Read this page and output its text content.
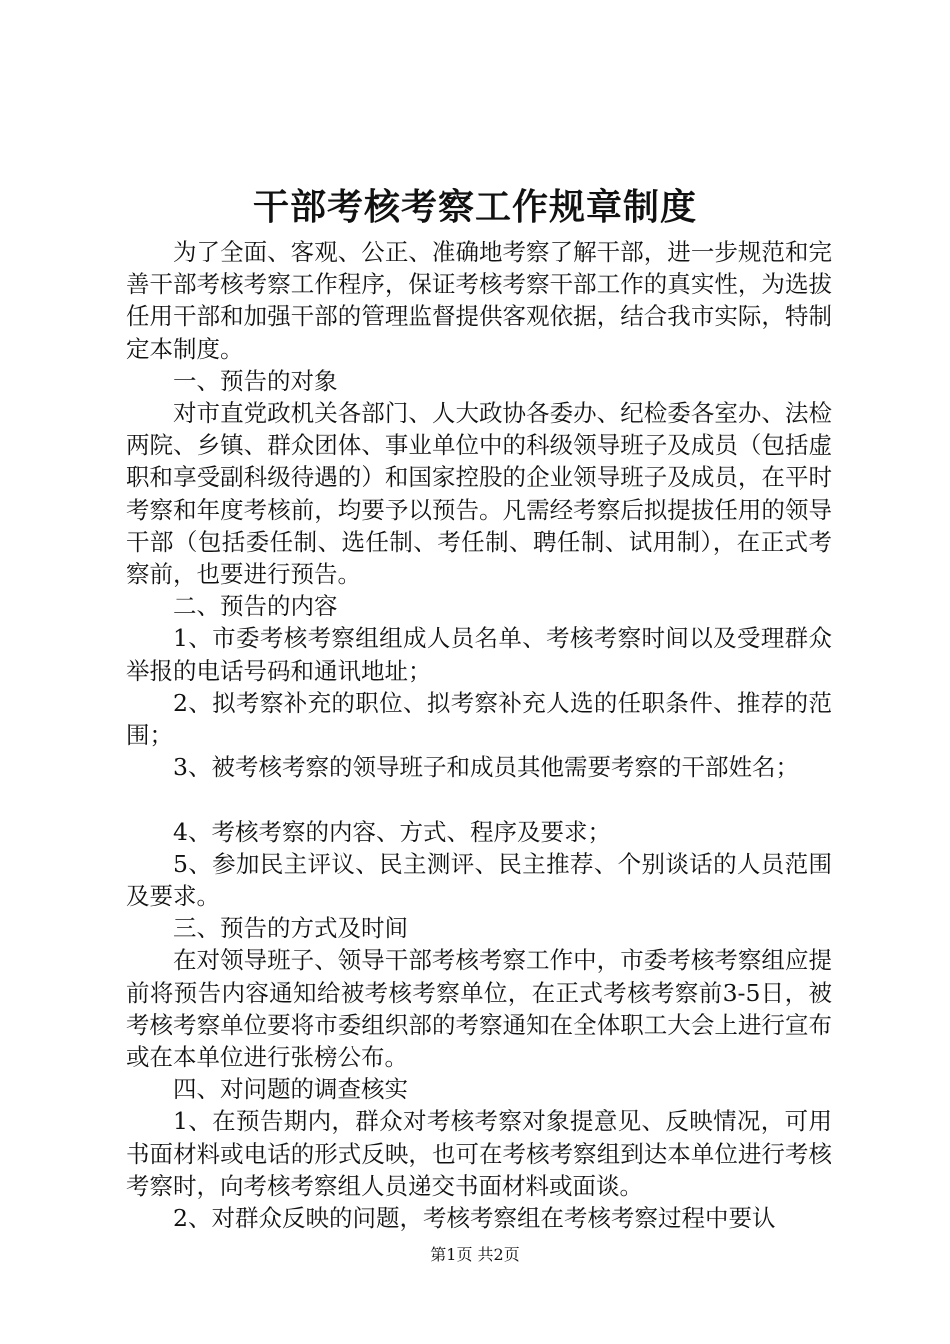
干部考核考察工作规章制度

为了全面、客观、公正、准确地考察了解干部，进一步规范和完善干部考核考察工作程序，保证考核考察干部工作的真实性，为选拔任用干部和加强干部的管理监督提供客观依据，结合我市实际，特制定本制度。

一、预告的对象

对市直党政机关各部门、人大政协各委办、纪检委各室办、法检两院、乡镇、群众团体、事业单位中的科级领导班子及成员（包括虚职和享受副科级待遇的）和国家控股的企业领导班子及成员，在平时考察和年度考核前，均要予以预告。凡需经考察后拟提拔任用的领导干部（包括委任制、选任制、考任制、聘任制、试用制），在正式考察前，也要进行预告。

二、预告的内容

1、市委考核考察组组成人员名单、考核考察时间以及受理群众举报的电话号码和通讯地址；

2、拟考察补充的职位、拟考察补充人选的任职条件、推荐的范围；

3、被考核考察的领导班子和成员其他需要考察的干部姓名；

4、考核考察的内容、方式、程序及要求；

5、参加民主评议、民主测评、民主推荐、个别谈话的人员范围及要求。

三、预告的方式及时间

在对领导班子、领导干部考核考察工作中，市委考核考察组应提前将预告内容通知给被考核考察单位，在正式考核考察前3-5日，被考核考察单位要将市委组织部的考察通知在全体职工大会上进行宣布或在本单位进行张榜公布。

四、对问题的调查核实

1、在预告期内，群众对考核考察对象提意见、反映情况，可用书面材料或电话的形式反映，也可在考核考察组到达本单位进行考核考察时，向考核考察组人员递交书面材料或面谈。

2、对群众反映的问题，考核考察组在考核考察过程中要认

第1页 共2页
